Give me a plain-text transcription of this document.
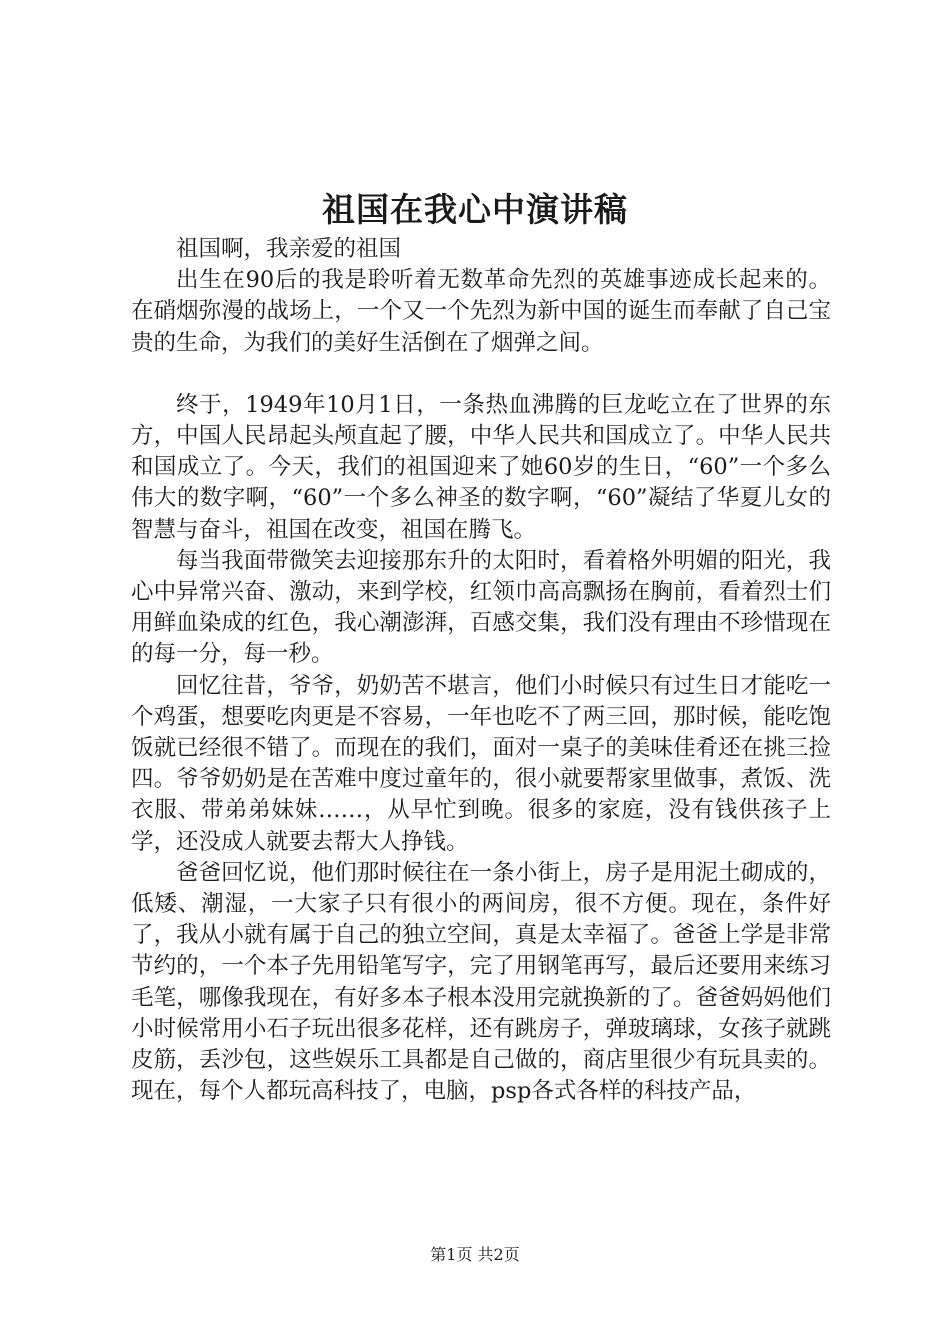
祖国在我心中演讲稿

祖国啊，我亲爱的祖国

出生在90后的我是聆听着无数革命先烈的英雄事迹成长起来的。在硝烟弥漫的战场上，一个又一个先烈为新中国的诞生而奉献了自己宝贵的生命，为我们的美好生活倒在了烟弹之间。

终于，1949年10月1日，一条热血沸腾的巨龙屹立在了世界的东方，中国人民昂起头颅直起了腰，中华人民共和国成立了。中华人民共和国成立了。今天，我们的祖国迎来了她60岁的生日，“60”一个多么伟大的数字啊，“60”一个多么神圣的数字啊，“60”凝结了华夏儿女的智慧与奋斗，祖国在改变，祖国在腾飞。

每当我面带微笑去迎接那东升的太阳时，看着格外明媚的阳光，我心中异常兴奋、激动，来到学校，红领巾高高飘扬在胸前，看着烈士们用鲜血染成的红色，我心潮澎湃，百感交集，我们没有理由不珍惜现在的每一分，每一秒。

回忆往昔，爷爷，奶奶苦不堪言，他们小时候只有过生日才能吃一个鸡蛋，想要吃肉更是不容易，一年也吃不了两三回，那时候，能吃饱饭就已经很不错了。而现在的我们，面对一桌子的美味佳肴还在挑三捡四。爷爷奶奶是在苦难中度过童年的，很小就要帮家里做事，煮饭、洗衣服、带弟弟妹妹……，从早忙到晚。很多的家庭，没有钱供孩子上学，还没成人就要去帮大人挣钱。

爸爸回忆说，他们那时候往在一条小街上，房子是用泥土砌成的，低矮、潮湿，一大家子只有很小的两间房，很不方便。现在，条件好了，我从小就有属于自己的独立空间，真是太幸福了。爸爸上学是非常节约的，一个本子先用铅笔写字，完了用钢笔再写，最后还要用来练习毛笔，哪像我现在，有好多本子根本没用完就换新的了。爸爸妈妈他们小时候常用小石子玩出很多花样，还有跳房子，弹玻璃球，女孩子就跳皮筋，丢沙包，这些娱乐工具都是自己做的，商店里很少有玩具卖的。现在，每个人都玩高科技了，电脑，psp各式各样的科技产品，

第1页 共2页
